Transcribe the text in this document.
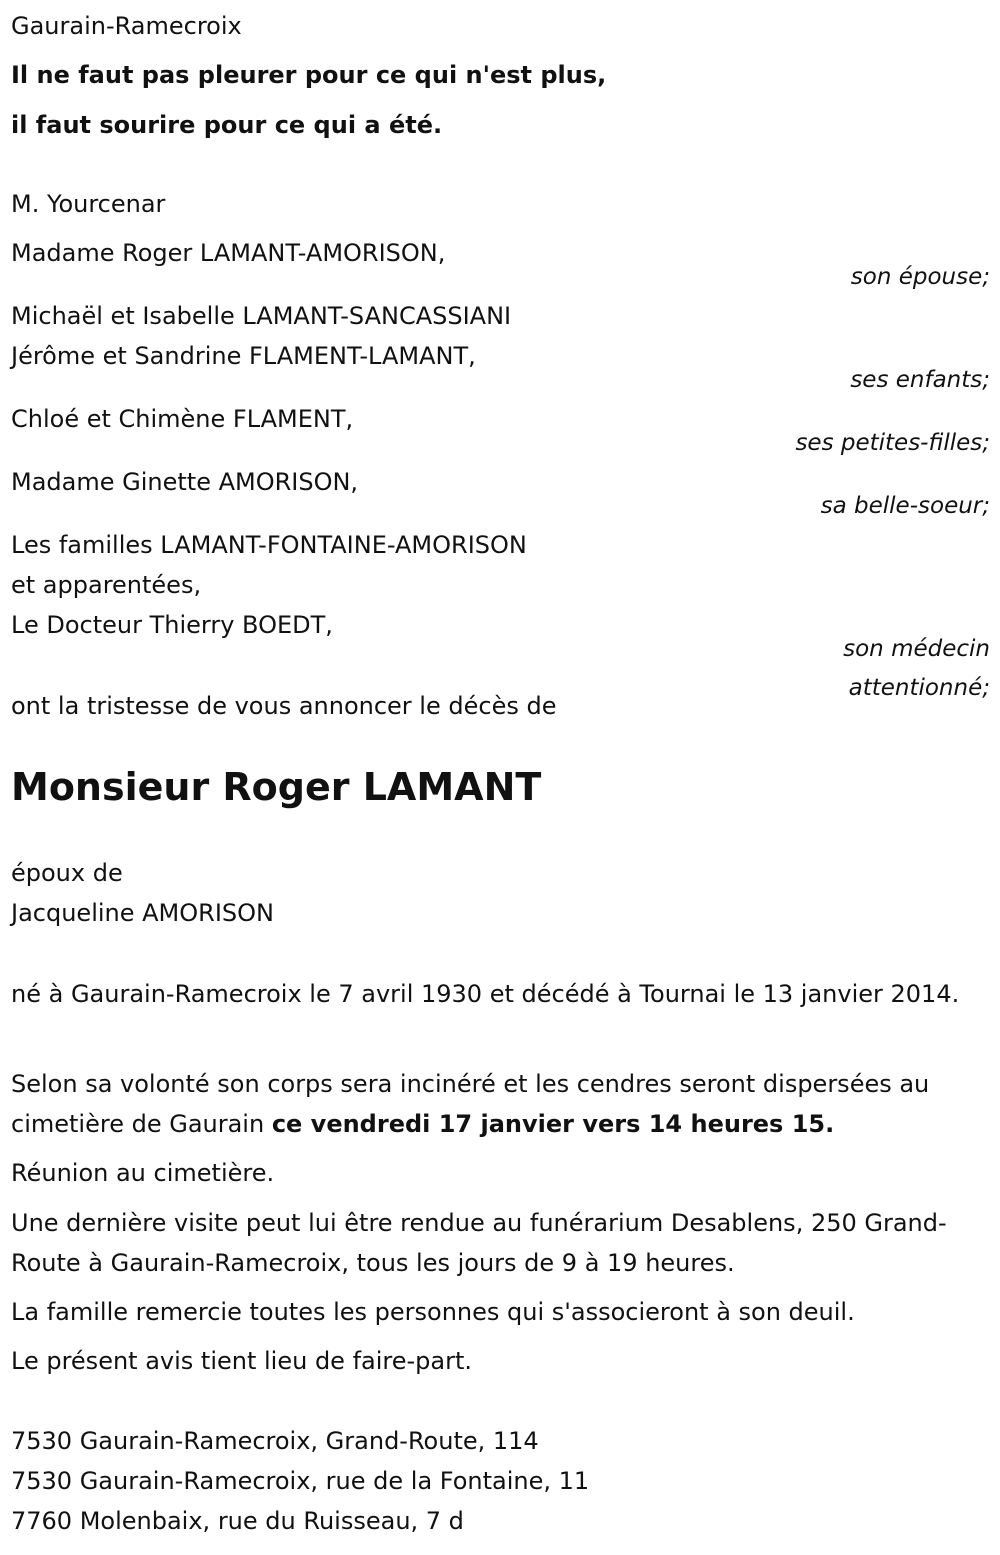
Gaurain-Ramecroix

Il ne faut pas pleurer pour ce qui n'est plus,

il faut sourire pour ce qui a été.

M. Yourcenar

Madame Roger LAMANT-AMORISON,

son épouse;

Michaël et Isabelle LAMANT-SANCASSIANI

Jérôme et Sandrine FLAMENT-LAMANT,

ses enfants;

Chloé et Chimène FLAMENT,

ses petites-filles;

Madame Ginette AMORISON,

sa belle-soeur;

Les familles LAMANT-FONTAINE-AMORISON

et apparentées,

Le Docteur Thierry BOEDT,

son médecin

attentionné;

ont la tristesse de vous annoncer le décès de

Monsieur Roger LAMANT

époux de

Jacqueline AMORISON

né à Gaurain-Ramecroix le 7 avril 1930 et décédé à Tournai le 13 janvier 2014.

Selon sa volonté son corps sera incinéré et les cendres seront dispersées au cimetière de Gaurain ce vendredi 17 janvier vers 14 heures 15.

Réunion au cimetière.

Une dernière visite peut lui être rendue au funérarium Desablens, 250 Grand-Route à Gaurain-Ramecroix, tous les jours de 9 à 19 heures.

La famille remercie toutes les personnes qui s'associeront à son deuil.

Le présent avis tient lieu de faire-part.

7530 Gaurain-Ramecroix, Grand-Route, 114

7530 Gaurain-Ramecroix, rue de la Fontaine, 11

7760 Molenbaix, rue du Ruisseau, 7 d
